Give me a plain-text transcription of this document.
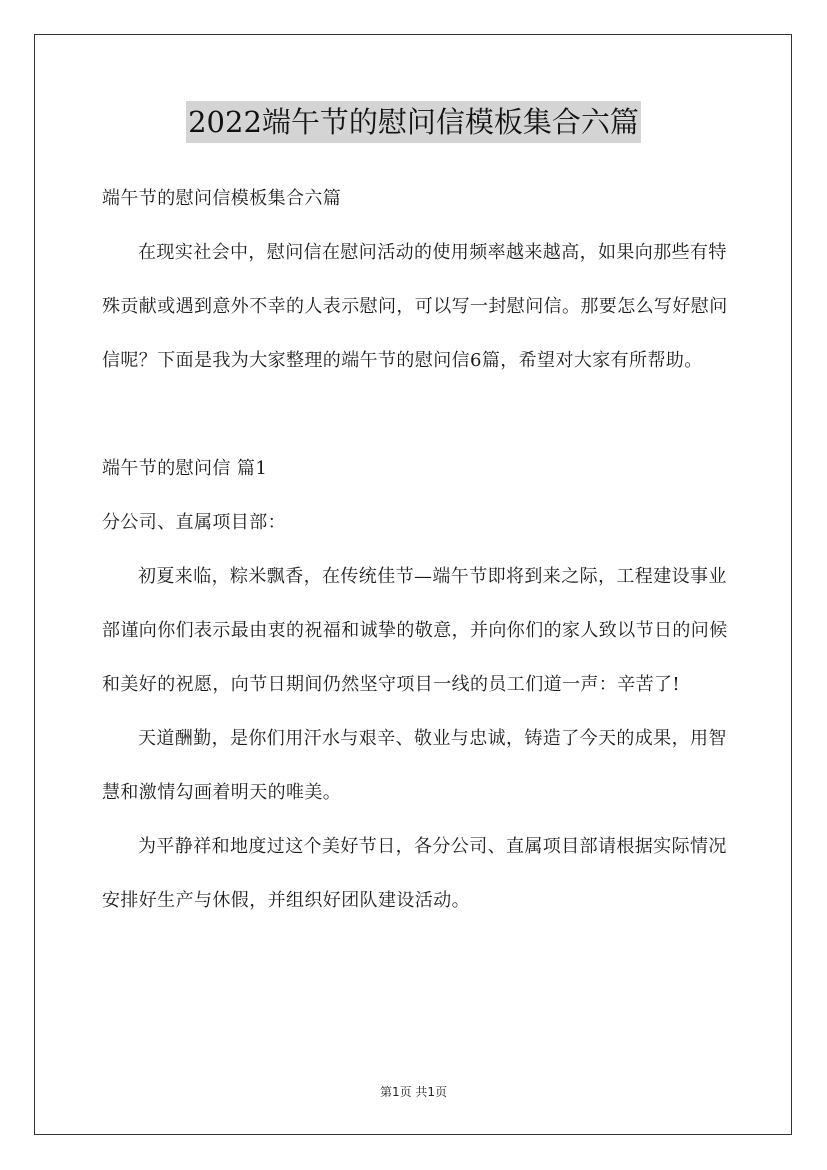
2022端午节的慰问信模板集合六篇

端午节的慰问信模板集合六篇

在现实社会中，慰问信在慰问活动的使用频率越来越高，如果向那些有特殊贡献或遇到意外不幸的人表示慰问，可以写一封慰问信。那要怎么写好慰问信呢？下面是我为大家整理的端午节的慰问信6篇，希望对大家有所帮助。

端午节的慰问信 篇1

分公司、直属项目部：

初夏来临，粽米飘香，在传统佳节—端午节即将到来之际，工程建设事业部谨向你们表示最由衷的祝福和诚挚的敬意，并向你们的家人致以节日的问候和美好的祝愿，向节日期间仍然坚守项目一线的员工们道一声：辛苦了!

天道酬勤，是你们用汗水与艰辛、敬业与忠诚，铸造了今天的成果，用智慧和激情勾画着明天的唯美。

为平静祥和地度过这个美好节日，各分公司、直属项目部请根据实际情况安排好生产与休假，并组织好团队建设活动。

第1页 共1页
